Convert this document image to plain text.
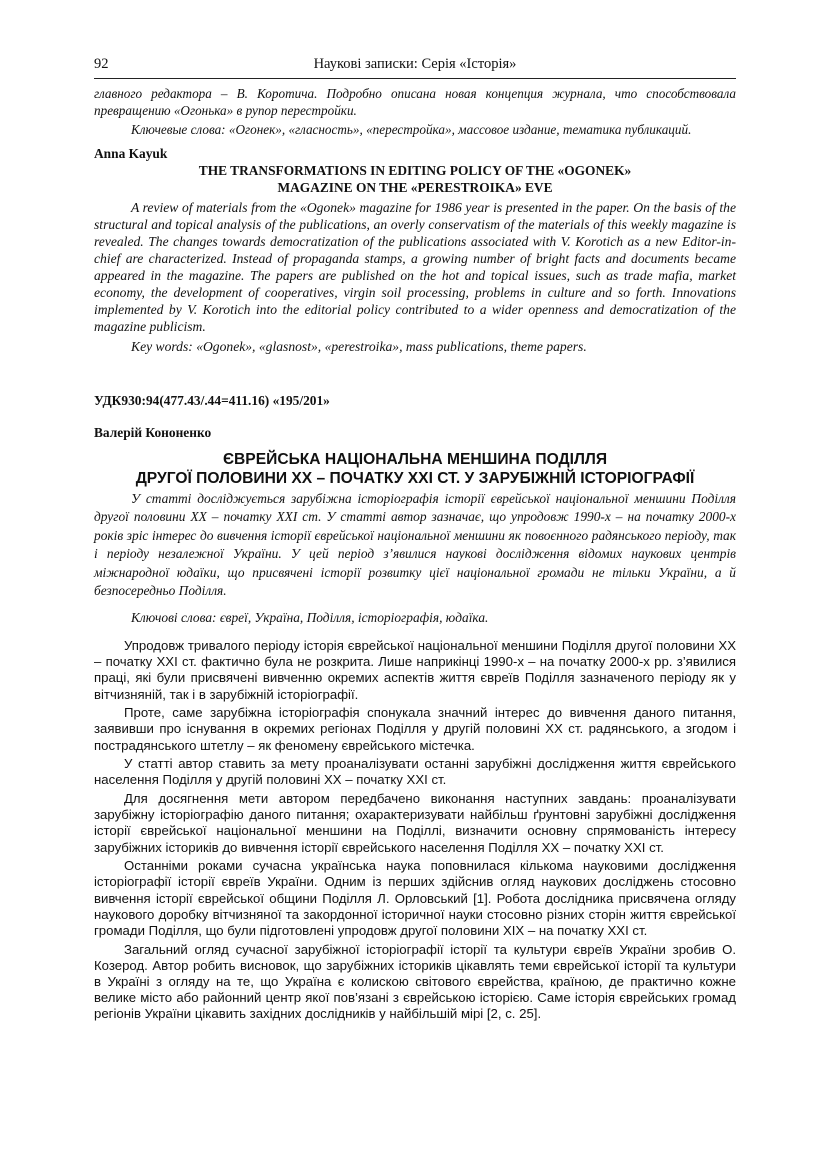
92	Наукові записки: Серія «Історія»

главного редактора – В. Коротича. Подробно описана новая концепция журнала, что способствовала превращению «Огонька» в рупор перестройки.

Ключевые слова: «Огонек», «гласность», «перестройка», массовое издание, тематика публикаций.

Anna Kayuk

THE TRANSFORMATIONS IN EDITING POLICY OF THE «OGONEK»

MAGAZINE ON THE «PERESTROIKA» EVE

A review of materials from the «Ogonek» magazine for 1986 year is presented in the paper. On the basis of the structural and topical analysis of the publications, an overly conservatism of the materials of this weekly magazine is revealed. The changes towards democratization of the publications associated with V. Korotich as a new Editor-in-chief are characterized. Instead of propaganda stamps, a growing number of bright facts and documents became appeared in the magazine. The papers are published on the hot and topical issues, such as trade mafia, market economy, the development of cooperatives, virgin soil processing, problems in culture and so forth. Innovations implemented by V. Korotich into the editorial policy contributed to a wider openness and democratization of the magazine publicism.

Key words: «Ogonek», «glasnost», «perestroika», mass publications, theme papers.

УДК930:94(477.43/.44=411.16) «195/201»
Валерій Кононенко
ЄВРЕЙСЬКА НАЦІОНАЛЬНА МЕНШИНА ПОДІЛЛЯ
ДРУГОЇ ПОЛОВИНИ ХХ – ПОЧАТКУ ХХІ СТ. У ЗАРУБІЖНІЙ ІСТОРІОГРАФІЇ

У статті досліджується зарубіжна історіографія історії єврейської національної меншини Поділля другої половини ХХ – початку ХХІ ст. У статті автор зазначає, що упродовж 1990-х – на початку 2000-х років зріс інтерес до вивчення історії єврейської національної меншини як повоєнного радянського періоду, так і періоду незалежної України. У цей період з’явилися наукові дослідження відомих наукових центрів міжнародної юдаїки, що присвячені історії розвитку цієї національної громади не тільки України, а й безпосередньо Поділля.

Ключові слова: євреї, Україна, Поділля, історіографія, юдаїка.

Упродовж тривалого періоду історія єврейської національної меншини Поділля другої половини ХХ – початку ХХІ ст. фактично була не розкрита. Лише наприкінці 1990-х – на початку 2000-х рр. з’явилися праці, які були присвячені вивченню окремих аспектів життя євреїв Поділля зазначеного періоду як у вітчизняній, так і в зарубіжній історіографії.

Проте, саме зарубіжна історіографія спонукала значний інтерес до вивчення даного питання, заявивши про існування в окремих регіонах Поділля у другій половині ХХ ст. радянського, а згодом і пострадянського штетлу – як феномену єврейського містечка.

У статті автор ставить за мету проаналізувати останні зарубіжні дослідження життя єврейського населення Поділля у другій половині ХХ – початку ХХІ ст.

Для досягнення мети автором передбачено виконання наступних завдань: проаналізувати зарубіжну історіографію даного питання; охарактеризувати найбільш ґрунтовні зарубіжні дослідження історії єврейської національної меншини на Поділлі, визначити основну спрямованість інтересу зарубіжних істориків до вивчення історії єврейського населення Поділля ХХ – початку ХХІ ст.

Останніми роками сучасна українська наука поповнилася кількома науковими дослідження історіографії історії євреїв України. Одним із перших здійснив огляд наукових досліджень стосовно вивчення історії єврейської общини Поділля Л. Орловський [1]. Робота дослідника присвячена огляду наукового доробку вітчизняної та закордонної історичної науки стосовно різних сторін життя єврейської громади Поділля, що були підготовлені упродовж другої половини ХІХ – на початку ХХІ ст.

Загальний огляд сучасної зарубіжної історіографії історії та культури євреїв України зробив О. Козерод. Автор робить висновок, що зарубіжних істориків цікавлять теми єврейської історії та культури в Україні з огляду на те, що Україна є колискою світового єврейства, країною, де практично кожне велике місто або районний центр якої пов’язані з єврейською історією. Саме історія єврейських громад регіонів України цікавить західних дослідників у найбільшій мірі [2, с. 25].
